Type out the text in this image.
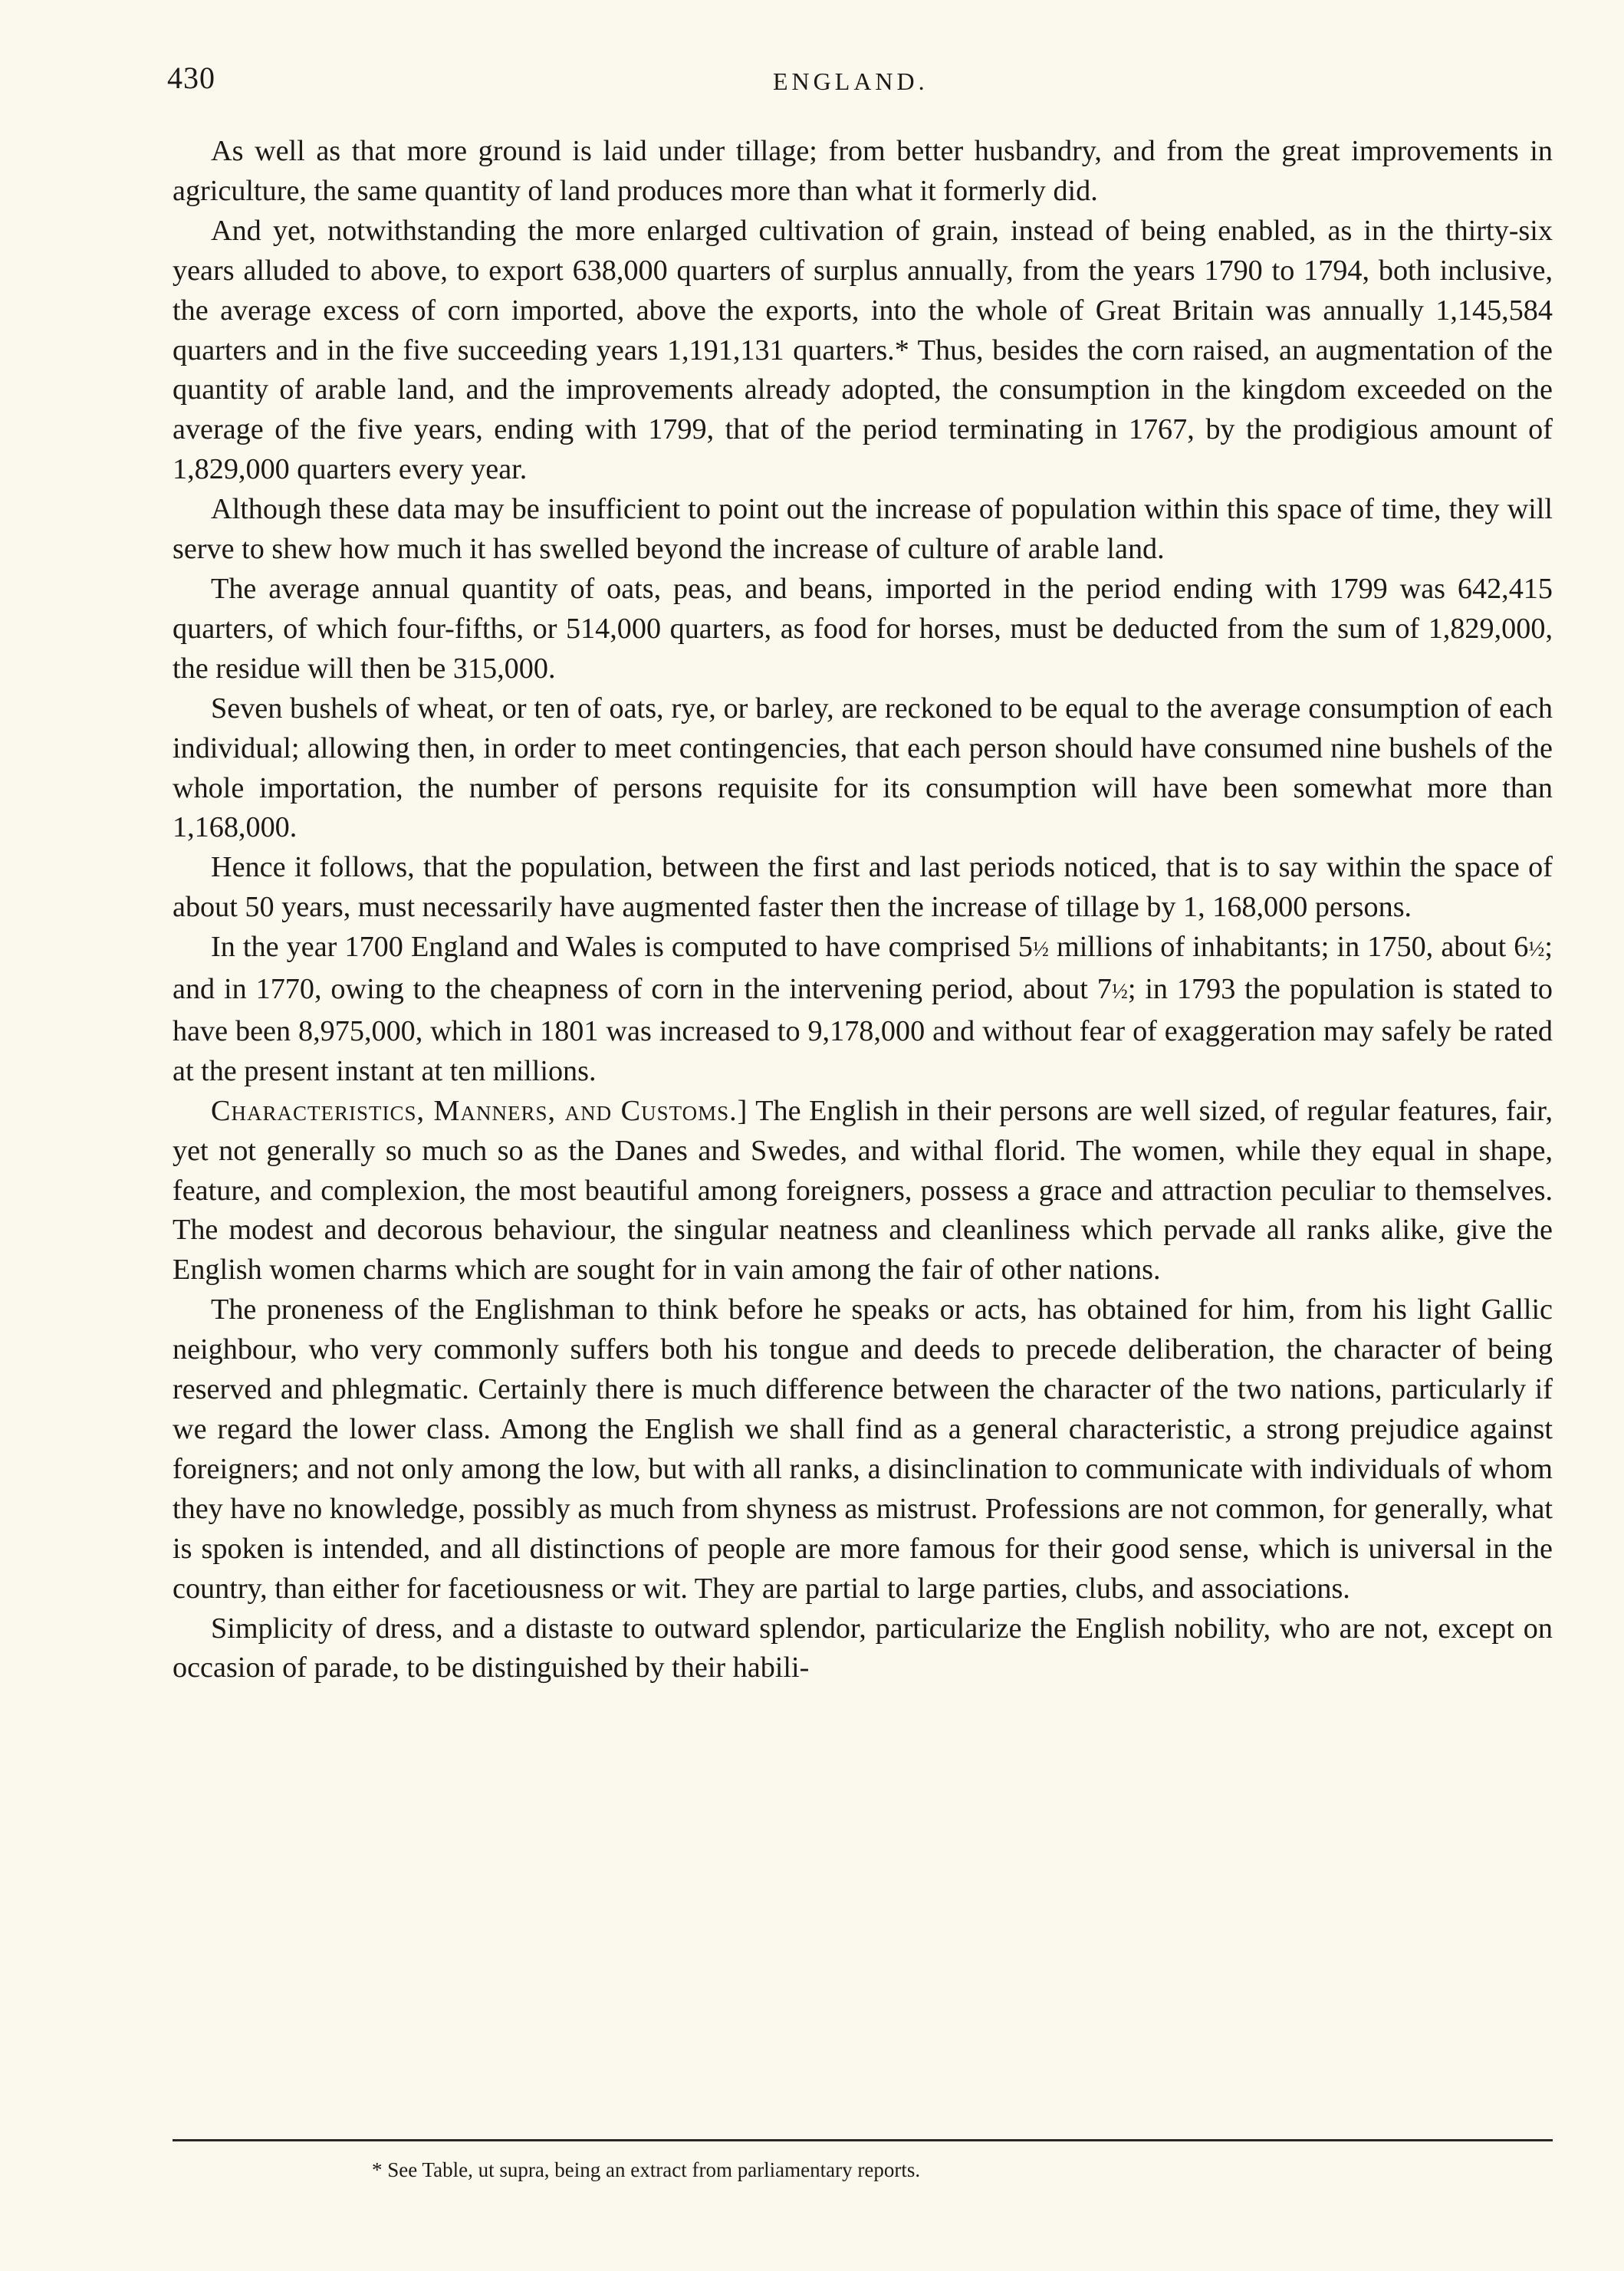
430	ENGLAND.

As well as that more ground is laid under tillage; from better husbandry, and from the great improvements in agriculture, the same quantity of land produces more than what it formerly did.

And yet, notwithstanding the more enlarged cultivation of grain, instead of being enabled, as in the thirty-six years alluded to above, to export 638,000 quarters of surplus annually, from the years 1790 to 1794, both inclusive, the average excess of corn imported, above the exports, into the whole of Great Britain was annually 1,145,584 quarters and in the five succeeding years 1,191,131 quarters.* Thus, besides the corn raised, an augmentation of the quantity of arable land, and the improvements already adopted, the consumption in the kingdom exceeded on the average of the five years, ending with 1799, that of the period terminating in 1767, by the prodigious amount of 1,829,000 quarters every year.

Although these data may be insufficient to point out the increase of population within this space of time, they will serve to shew how much it has swelled beyond the increase of culture of arable land.

The average annual quantity of oats, peas, and beans, imported in the period ending with 1799 was 642,415 quarters, of which four-fifths, or 514,000 quarters, as food for horses, must be deducted from the sum of 1,829,000, the residue will then be 315,000.

Seven bushels of wheat, or ten of oats, rye, or barley, are reckoned to be equal to the average consumption of each individual; allowing then, in order to meet contingencies, that each person should have consumed nine bushels of the whole importation, the number of persons requisite for its consumption will have been somewhat more than 1,168,000.

Hence it follows, that the population, between the first and last periods noticed, that is to say within the space of about 50 years, must necessarily have augmented faster then the increase of tillage by 1, 168,000 persons.

In the year 1700 England and Wales is computed to have comprised 5½ millions of inhabitants; in 1750, about 6½; and in 1770, owing to the cheapness of corn in the intervening period, about 7½; in 1793 the population is stated to have been 8,975,000, which in 1801 was increased to 9,178,000 and without fear of exaggeration may safely be rated at the present instant at ten millions.

Characteristics, Manners, and Customs.] The English in their persons are well sized, of regular features, fair, yet not generally so much so as the Danes and Swedes, and withal florid. The women, while they equal in shape, feature, and complexion, the most beautiful among foreigners, possess a grace and attraction peculiar to themselves. The modest and decorous behaviour, the singular neatness and cleanliness which pervade all ranks alike, give the English women charms which are sought for in vain among the fair of other nations.

The proneness of the Englishman to think before he speaks or acts, has obtained for him, from his light Gallic neighbour, who very commonly suffers both his tongue and deeds to precede deliberation, the character of being reserved and phlegmatic. Certainly there is much difference between the character of the two nations, particularly if we regard the lower class. Among the English we shall find as a general characteristic, a strong prejudice against foreigners; and not only among the low, but with all ranks, a disinclination to communicate with individuals of whom they have no knowledge, possibly as much from shyness as mistrust. Professions are not common, for generally, what is spoken is intended, and all distinctions of people are more famous for their good sense, which is universal in the country, than either for facetiousness or wit. They are partial to large parties, clubs, and associations.

Simplicity of dress, and a distaste to outward splendor, particularize the English nobility, who are not, except on occasion of parade, to be distinguished by their habili-

* See Table, ut supra, being an extract from parliamentary reports.
